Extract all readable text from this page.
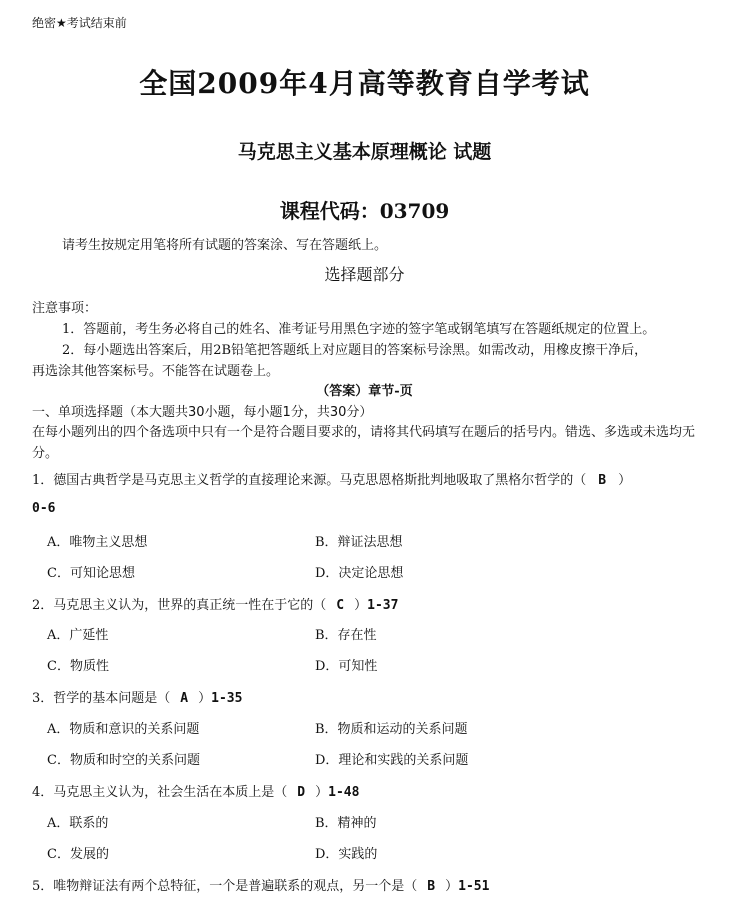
绝密★考试结束前
全国2009年4月高等教育自学考试
马克思主义基本原理概论 试题
课程代码：03709
请考生按规定用笔将所有试题的答案涂、写在答题纸上。
选择题部分
注意事项：
1．答题前，考生务必将自己的姓名、准考证号用黑色字迹的签字笔或钢笔填写在答题纸规定的位置上。
2．每小题选出答案后，用2B铅笔把答题纸上对应题目的答案标号涂黑。如需改动，用橡皮擦干净后，
再选涂其他答案标号。不能答在试题卷上。
（答案）章节-页
一、单项选择题（本大题共30小题，每小题1分，共30分）
在每小题列出的四个备选项中只有一个是符合题目要求的，请将其代码填写在题后的括号内。错选、多选或未选均无分。
1．德国古典哲学是马克思主义哲学的直接理论来源。马克思恩格斯批判地吸取了黑格尔哲学的（ B ）
0-6
A．唯物主义思想	B．辩证法思想
C．可知论思想	D．决定论思想
2．马克思主义认为，世界的真正统一性在于它的（ C ）1-37
A．广延性	B．存在性
C．物质性	D．可知性
3．哲学的基本问题是（ A ）1-35
A．物质和意识的关系问题	B．物质和运动的关系问题
C．物质和时空的关系问题	D．理论和实践的关系问题
4．马克思主义认为，社会生活在本质上是（ D ）1-48
A．联系的	B．精神的
C．发展的	D．实践的
5．唯物辩证法有两个总特征，一个是普遍联系的观点，另一个是（ B ）1-51
